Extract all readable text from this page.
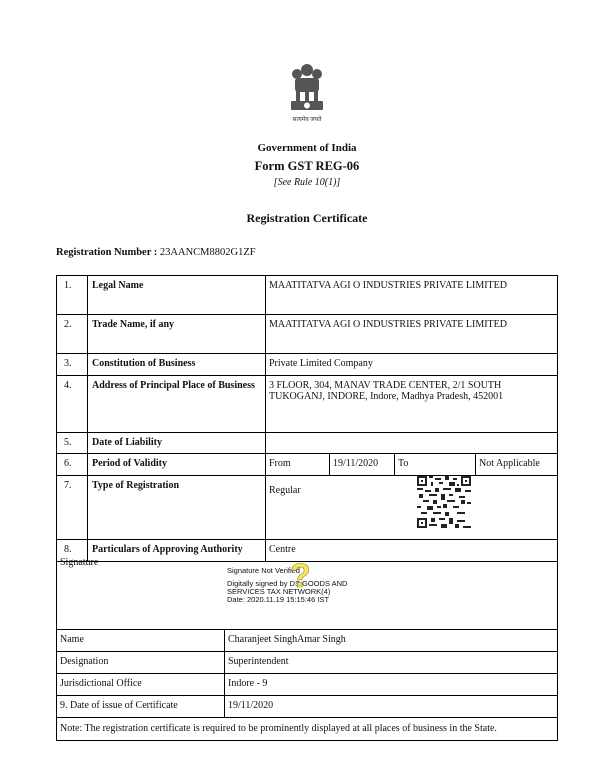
सत्यमेव जयते
Government of India
Form GST REG-06
[See Rule 10(1)]
Registration Certificate
Registration Number : 23AANCM8802G1ZF
1.	Legal Name	MAATITATVA AGI O INDUSTRIES PRIVATE LIMITED
2.	Trade Name, if any	MAATITATVA AGI O INDUSTRIES PRIVATE LIMITED
3.	Constitution of Business	Private Limited Company
4.	Address of Principal Place of Business	3 FLOOR, 304, MANAV TRADE CENTER, 2/1 SOUTH TUKOGANJ, INDORE, Indore, Madhya Pradesh, 452001
5.	Date of Liability
6.	Period of Validity	From	19/11/2020	To	Not Applicable
7.	Type of Registration	Regular
8.	Particulars of Approving Authority	Centre
Signature
Signature Not Verified
Digitally signed by DS GOODS AND
SERVICES TAX NETWORK(4)
Date: 2020.11.19 15:15:46 IST
?
Name	Charanjeet SinghAmar Singh
Designation	Superintendent
Jurisdictional Office	Indore - 9
9. Date of issue of Certificate	19/11/2020
Note: The registration certificate is required to be prominently displayed at all places of business in the State.
